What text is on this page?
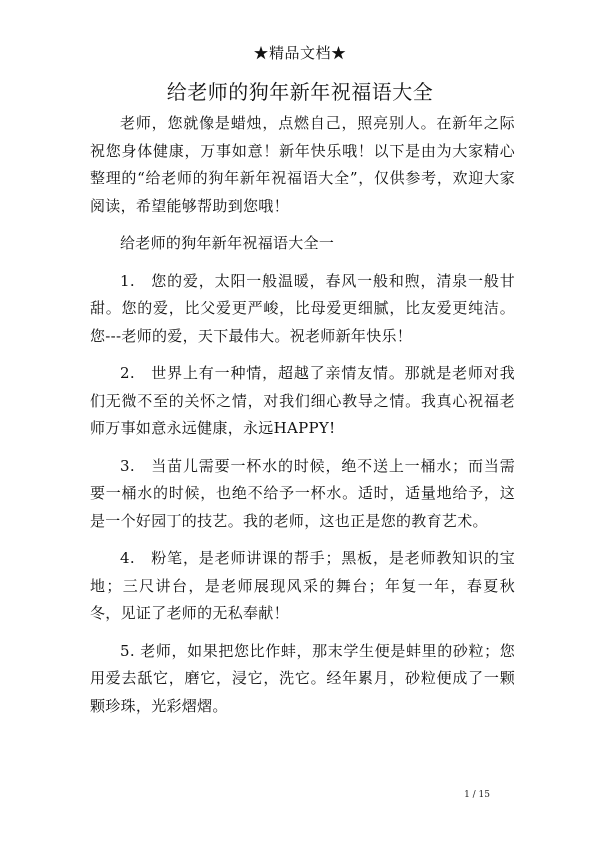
★精品文档★
给老师的狗年新年祝福语大全

老师，您就像是蜡烛，点燃自己，照亮别人。在新年之际祝您身体健康，万事如意！新年快乐哦！以下是由为大家精心整理的“给老师的狗年新年祝福语大全”，仅供参考，欢迎大家阅读，希望能够帮助到您哦！

给老师的狗年新年祝福语大全一

1.　您的爱，太阳一般温暖，春风一般和煦，清泉一般甘甜。您的爱，比父爱更严峻，比母爱更细腻，比友爱更纯洁。您---老师的爱，天下最伟大。祝老师新年快乐！

2.　世界上有一种情，超越了亲情友情。那就是老师对我们无微不至的关怀之情，对我们细心教导之情。我真心祝福老师万事如意永远健康，永远HAPPY!

3.　当苗儿需要一杯水的时候，绝不送上一桶水；而当需要一桶水的时候，也绝不给予一杯水。适时，适量地给予，这是一个好园丁的技艺。我的老师，这也正是您的教育艺术。

4.　粉笔，是老师讲课的帮手；黑板，是老师教知识的宝地；三尺讲台，是老师展现风采的舞台；年复一年，春夏秋冬，见证了老师的无私奉献！

5. 老师，如果把您比作蚌，那末学生便是蚌里的砂粒；您用爱去舐它，磨它，浸它，洗它。经年累月，砂粒便成了一颗颗珍珠，光彩熠熠。

1 / 15
